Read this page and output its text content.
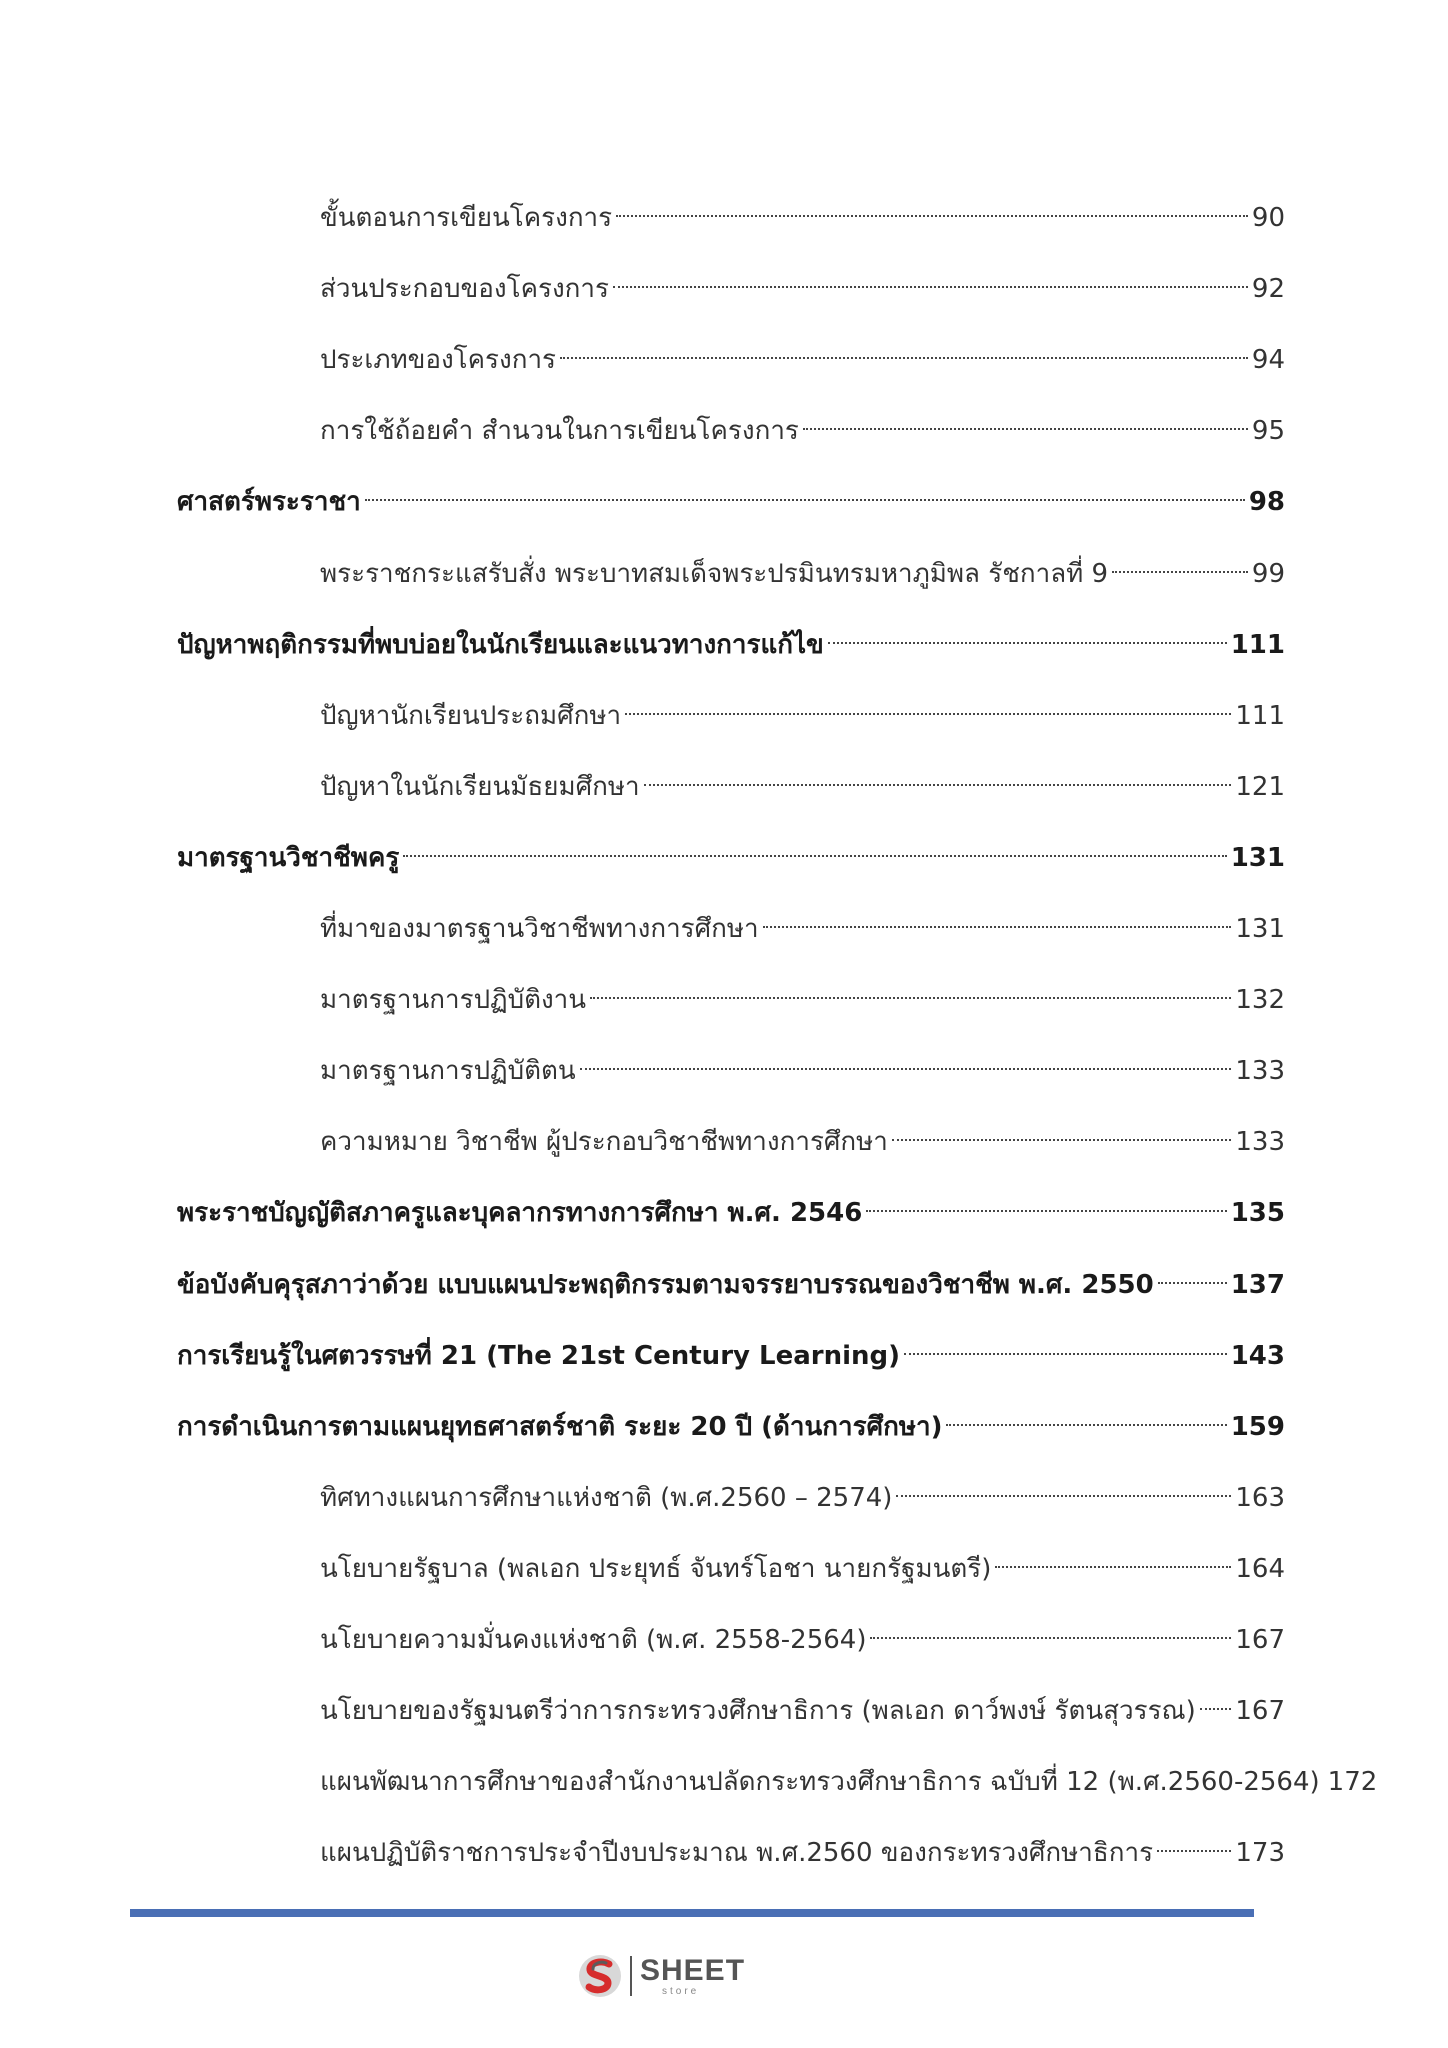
ขั้นตอนการเขียนโครงการ	90
ส่วนประกอบของโครงการ	92
ประเภทของโครงการ	94
การใช้ถ้อยคำ สำนวนในการเขียนโครงการ	95
ศาสตร์พระราชา	98
พระราชกระแสรับสั่ง พระบาทสมเด็จพระปรมินทรมหาภูมิพล รัชกาลที่ 9	99
ปัญหาพฤติกรรมที่พบบ่อยในนักเรียนและแนวทางการแก้ไข	111
ปัญหานักเรียนประถมศึกษา	111
ปัญหาในนักเรียนมัธยมศึกษา	121
มาตรฐานวิชาชีพครู	131
ที่มาของมาตรฐานวิชาชีพทางการศึกษา	131
มาตรฐานการปฏิบัติงาน	132
มาตรฐานการปฏิบัติตน	133
ความหมาย วิชาชีพ ผู้ประกอบวิชาชีพทางการศึกษา	133
พระราชบัญญัติสภาครูและบุคลากรทางการศึกษา พ.ศ. 2546	135
ข้อบังคับคุรุสภาว่าด้วย แบบแผนประพฤติกรรมตามจรรยาบรรณของวิชาชีพ พ.ศ. 2550	137
การเรียนรู้ในศตวรรษที่ 21 (The 21st Century Learning)	143
การดำเนินการตามแผนยุทธศาสตร์ชาติ ระยะ 20 ปี (ด้านการศึกษา)	159
ทิศทางแผนการศึกษาแห่งชาติ (พ.ศ.2560 – 2574)	163
นโยบายรัฐบาล (พลเอก ประยุทธ์ จันทร์โอชา นายกรัฐมนตรี)	164
นโยบายความมั่นคงแห่งชาติ (พ.ศ. 2558-2564)	167
นโยบายของรัฐมนตรีว่าการกระทรวงศึกษาธิการ (พลเอก ดาว์พงษ์ รัตนสุวรรณ) 167
แผนพัฒนาการศึกษาของสำนักงานปลัดกระทรวงศึกษาธิการ ฉบับที่ 12 (พ.ศ.2560-2564) 172
แผนปฏิบัติราชการประจำปีงบประมาณ พ.ศ.2560 ของกระทรวงศึกษาธิการ	173
SHEET
store
